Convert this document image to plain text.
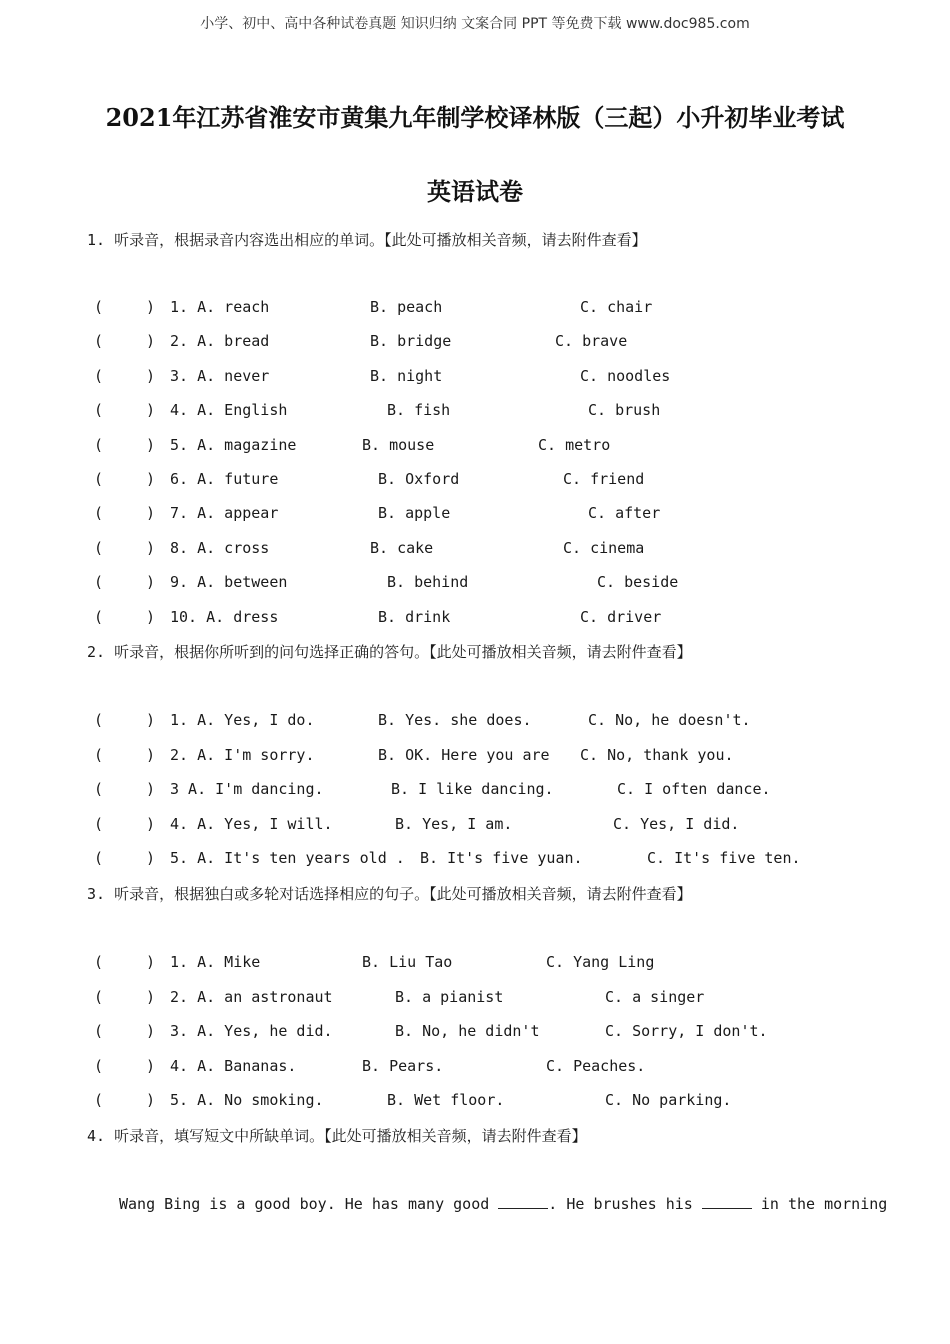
小学、初中、高中各种试卷真题 知识归纳 文案合同 PPT 等免费下载 www.doc985.com
2021年江苏省淮安市黄集九年制学校译林版（三起）小升初毕业考试
英语试卷
1. 听录音，根据录音内容选出相应的单词。【此处可播放相关音频，请去附件查看】
(	) 1. A. reach	B. peach	C. chair
(	) 2. A. bread	B. bridge	C. brave
(	) 3. A. never	B. night	C. noodles
(	) 4. A. English	B. fish	C. brush
(	) 5. A. magazine	B. mouse	C. metro
(	) 6. A. future	B. Oxford	C. friend
(	) 7. A. appear	B. apple	C. after
(	) 8. A. cross	B. cake	C. cinema
(	) 9. A. between	B. behind	C. beside
(	) 10. A. dress	B. drink	C. driver
2. 听录音，根据你所听到的问句选择正确的答句。【此处可播放相关音频，请去附件查看】
(	) 1. A. Yes, I do.	B. Yes. she does.	C. No, he doesn't.
(	) 2. A. I'm sorry.	B. OK. Here you are C. No, thank you.
(	) 3 A. I'm dancing.	B. I like dancing.	C. I often dance.
(	) 4. A. Yes, I will.	B. Yes, I am.	C. Yes, I did.
(	) 5. A. It's ten years old . B. It's five yuan.	C. It's five ten.
3. 听录音，根据独白或多轮对话选择相应的句子。【此处可播放相关音频，请去附件查看】
(	) 1. A. Mike	B. Liu Tao	C. Yang Ling
(	) 2. A. an astronaut	B. a pianist	C. a singer
(	) 3. A. Yes, he did.	B. No, he didn't	C. Sorry, I don't.
(	) 4. A. Bananas.	B. Pears.	C. Peaches.
(	) 5. A. No smoking.	B. Wet floor.	C. No parking.
4. 听录音，填写短文中所缺单词。【此处可播放相关音频，请去附件查看】
Wang Bing is a good boy. He has many good	. He brushes his	in the morning
